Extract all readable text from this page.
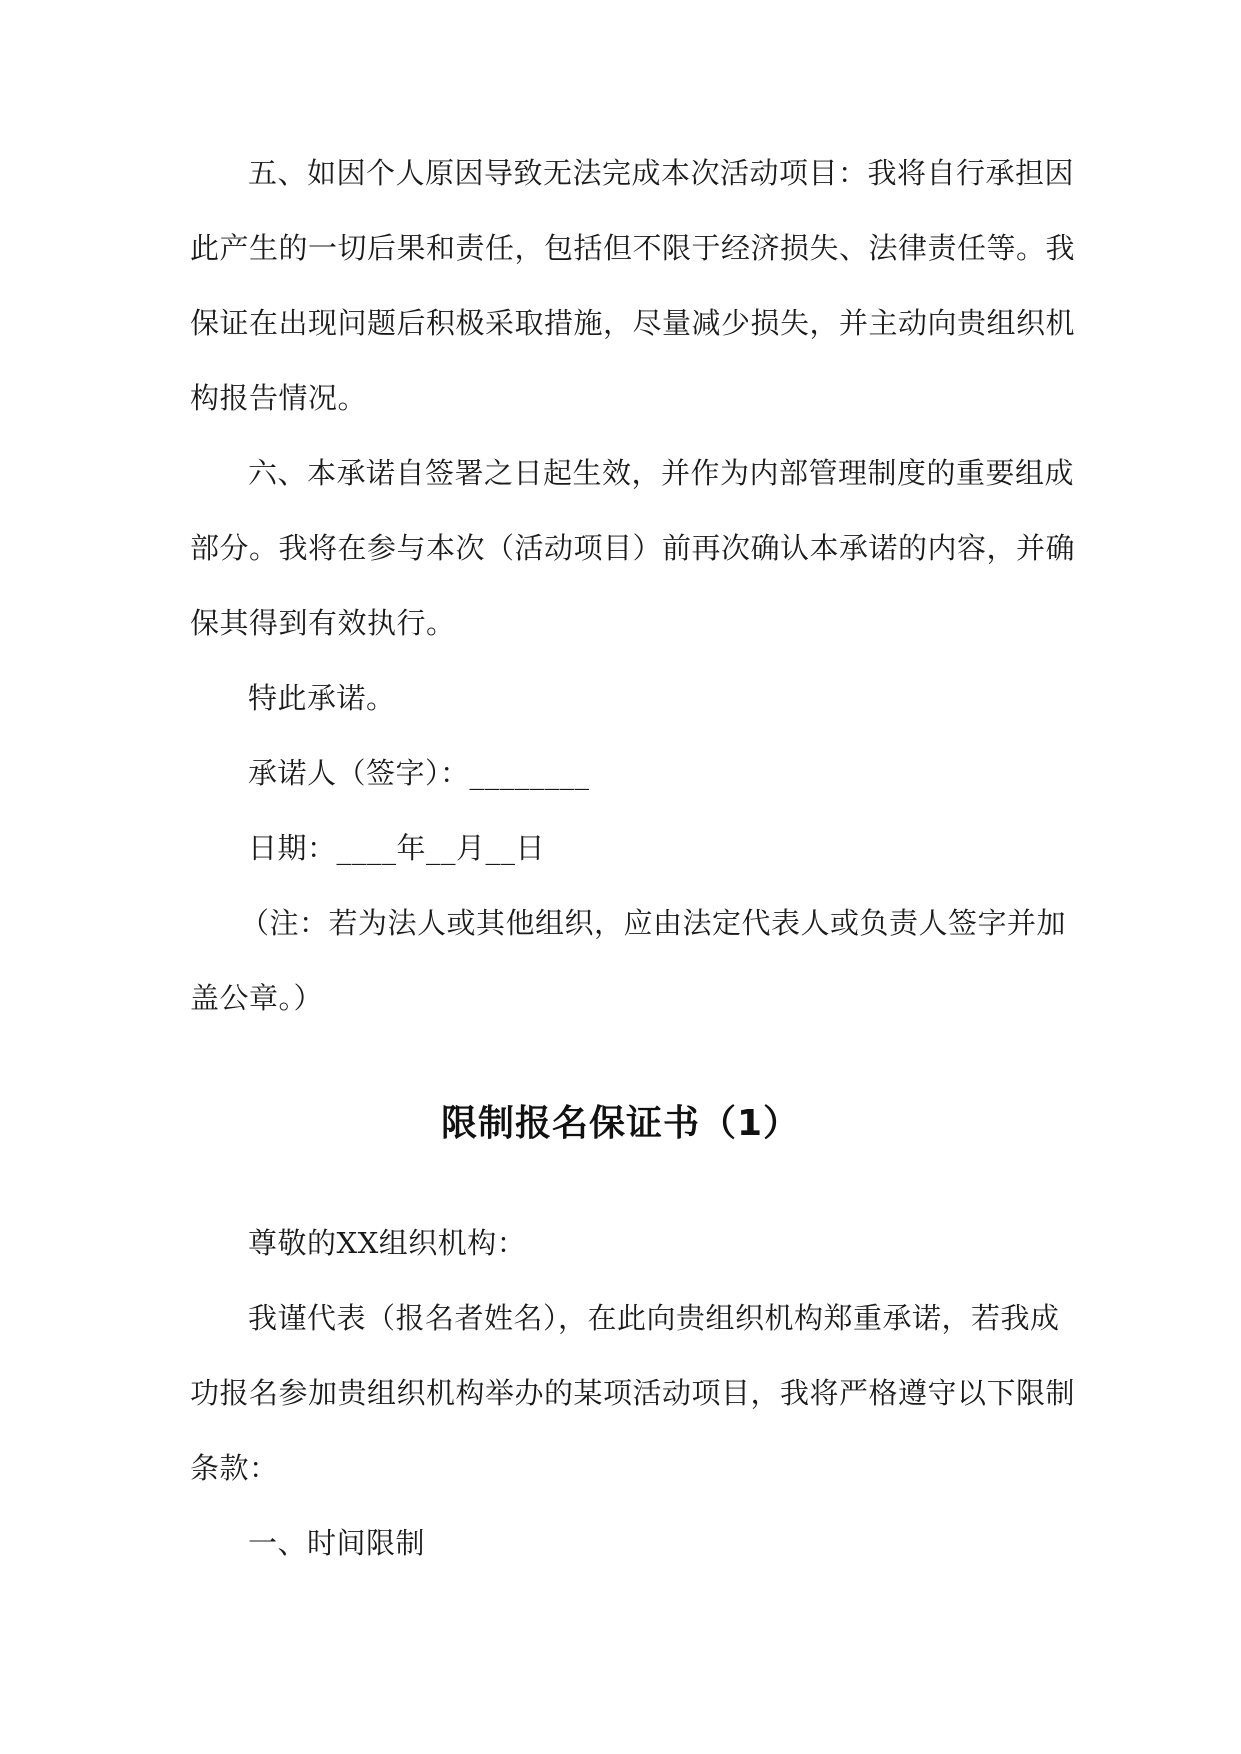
五、如因个人原因导致无法完成本次活动项目：我将自行承担因
此产生的一切后果和责任，包括但不限于经济损失、法律责任等。我
保证在出现问题后积极采取措施，尽量减少损失，并主动向贵组织机
构报告情况。
六、本承诺自签署之日起生效，并作为内部管理制度的重要组成
部分。我将在参与本次（活动项目）前再次确认本承诺的内容，并确
保其得到有效执行。
特此承诺。
承诺人（签字）：________
日期：____年__月__日
（注：若为法人或其他组织，应由法定代表人或负责人签字并加
盖公章。）
限制报名保证书（1）
尊敬的XX组织机构：
我谨代表（报名者姓名），在此向贵组织机构郑重承诺，若我成
功报名参加贵组织机构举办的某项活动项目，我将严格遵守以下限制
条款：
一、时间限制
